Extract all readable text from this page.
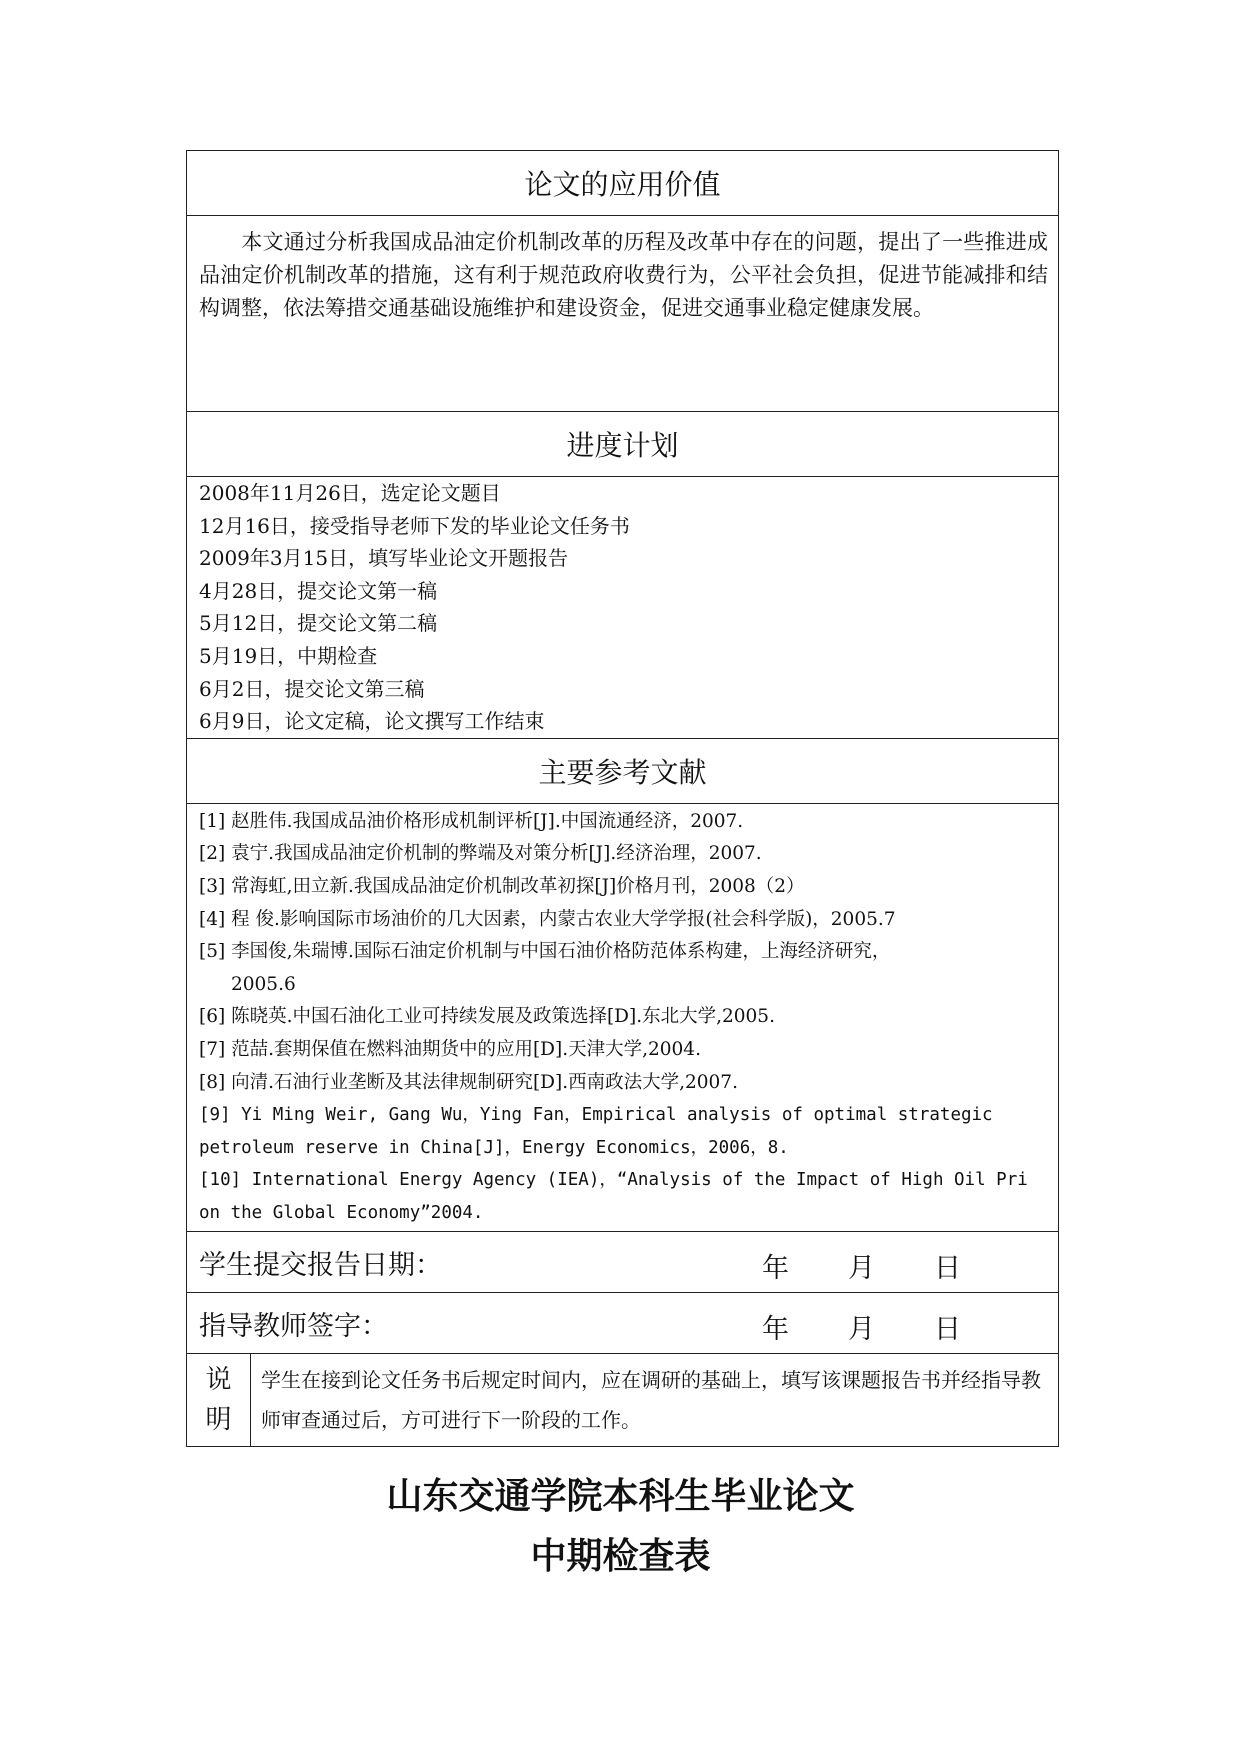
论文的应用价值
本文通过分析我国成品油定价机制改革的历程及改革中存在的问题，提出了一些推进成品油定价机制改革的措施，这有利于规范政府收费行为，公平社会负担，促进节能减排和结构调整，依法筹措交通基础设施维护和建设资金，促进交通事业稳定健康发展。
进度计划

2008年11月26日，选定论文题目
12月16日，接受指导老师下发的毕业论文任务书
2009年3月15日，填写毕业论文开题报告
4月28日，提交论文第一稿
5月12日，提交论文第二稿
5月19日，中期检查
6月2日，提交论文第三稿
6月9日，论文定稿，论文撰写工作结束

主要参考文献

[1] 赵胜伟.我国成品油价格形成机制评析[J].中国流通经济，2007.
[2] 袁宁.我国成品油定价机制的弊端及对策分析[J].经济治理，2007.
[3] 常海虹,田立新.我国成品油定价机制改革初探[J]价格月刊，2008（2）
[4] 程 俊.影响国际市场油价的几大因素，内蒙古农业大学学报(社会科学版)，2005.7
[5] 李国俊,朱瑞博.国际石油定价机制与中国石油价格防范体系构建，上海经济研究，
2005.6
[6] 陈晓英.中国石油化工业可持续发展及政策选择[D].东北大学,2005.
[7] 范喆.套期保值在燃料油期货中的应用[D].天津大学,2004.
[8] 向清.石油行业垄断及其法律规制研究[D].西南政法大学,2007.
[9] Yi Ming Weir, Gang Wu，Ying Fan，Empirical analysis of optimal strategic
petroleum reserve in China[J]，Energy Economics，2006，8.
[10] International Energy Agency (IEA)，“Analysis of the Impact of High Oil Pri
on the Global Economy”2004.

学生提交报告日期：	年 月 日

指导教师签字：	年 月 日

说
明
	学生在接到论文任务书后规定时间内，应在调研的基础上，填写该课题报告书并经指导教师审查通过后，方可进行下一阶段的工作。
山东交通学院本科生毕业论文
中期检查表
